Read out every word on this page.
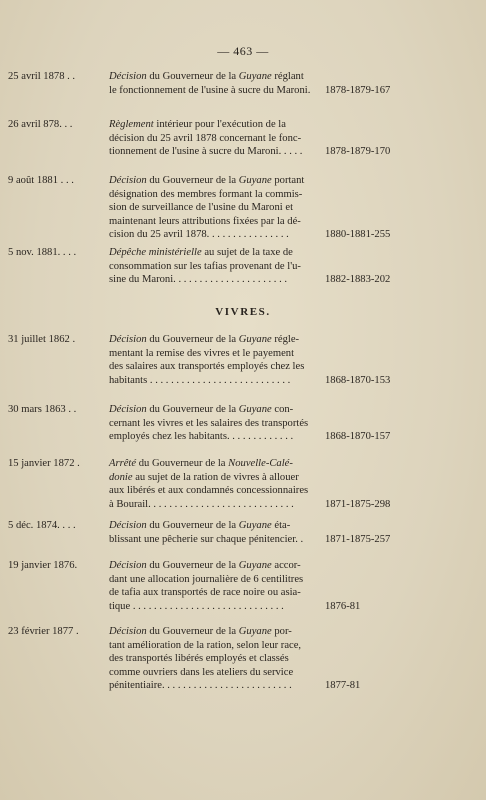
— 463 —
VIVRES.
25 avril 1878 . .	Décision du Gouverneur de la Guyane réglant
le fonctionnement de l'usine à sucre du Maroni.	1878-1879-167
26 avril 878. . .	Règlement intérieur pour l'exécution de la
décision du 25 avril 1878 concernant le fonc-
tionnement de l'usine à sucre du Maroni. . . . .	1878-1879-170
9 août 1881 . . .	Décision du Gouverneur de la Guyane portant
désignation des membres formant la commis-
sion de surveillance de l'usine du Maroni et
maintenant leurs attributions fixées par la dé-
cision du 25 avril 1878. . . . . . . . . . . . . . . .	1880-1881-255
5 nov. 1881. . . .	Dépêche ministérielle au sujet de la taxe de
consommation sur les tafias provenant de l'u-
sine du Maroni. . . . . . . . . . . . . . . . . . . . . .	1882-1883-202
31 juillet 1862 .	Décision du Gouverneur de la Guyane régle-
mentant la remise des vivres et le payement
des salaires aux transportés employés chez les
habitants . . . . . . . . . . . . . . . . . . . . . . . . . . .	1868-1870-153
30 mars 1863 . .	Décision du Gouverneur de la Guyane con-
cernant les vivres et les salaires des transportés
employés chez les habitants. . . . . . . . . . . . .	1868-1870-157
15 janvier 1872 .	Arrêté du Gouverneur de la Nouvelle-Calé-
donie au sujet de la ration de vivres à allouer
aux libérés et aux condamnés concessionnaires
à Bourail. . . . . . . . . . . . . . . . . . . . . . . . . . . .	1871-1875-298
5 déc. 1874. . . .	Décision du Gouverneur de la Guyane éta-
blissant une pêcherie sur chaque pénitencier. .	1871-1875-257
19 janvier 1876.	Décision du Gouverneur de la Guyane accor-
dant une allocation journalière de 6 centilitres
de tafia aux transportés de race noire ou asia-
tique . . . . . . . . . . . . . . . . . . . . . . . . . . . . .	1876-81
23 février 1877 .	Décision du Gouverneur de la Guyane por-
tant amélioration de la ration, selon leur race,
des transportés libérés employés et classés
comme ouvriers dans les ateliers du service
pénitentiaire. . . . . . . . . . . . . . . . . . . . . . . . .	1877-81
